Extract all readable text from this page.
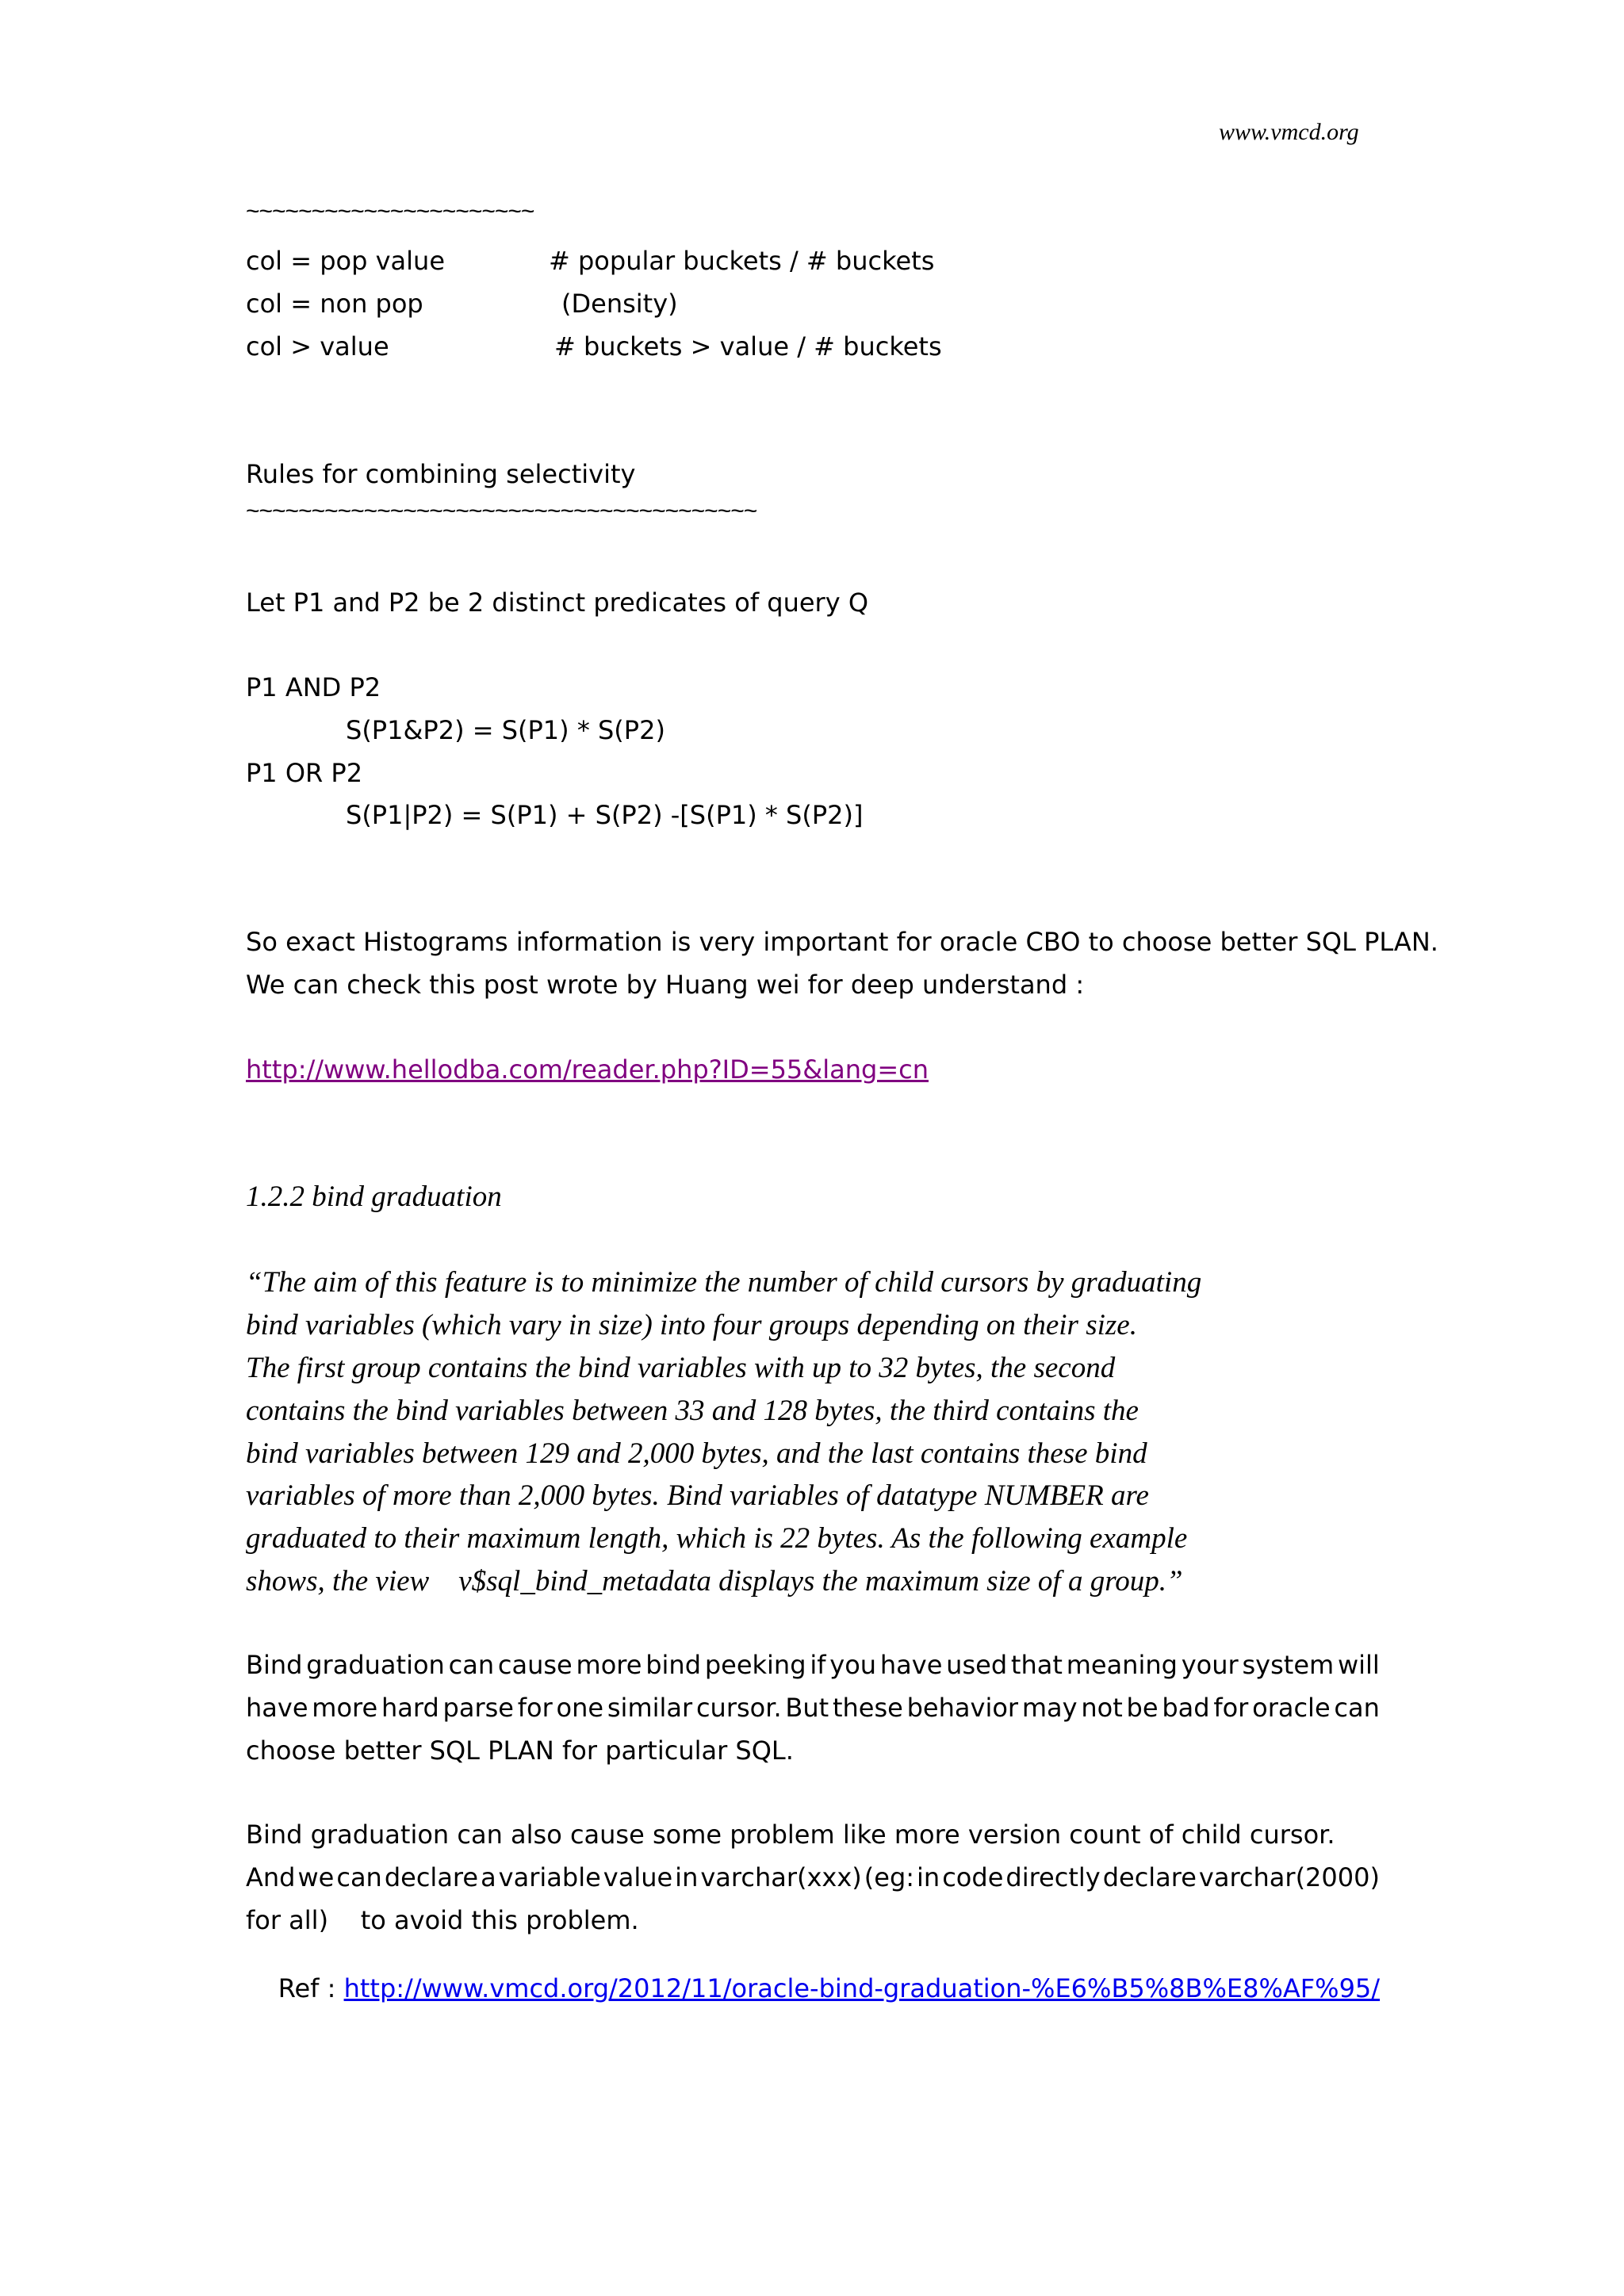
www.vmcd.org
~~~~~~~~~~~~~~~~~~~~~~
col = pop value	# popular buckets / # buckets
col = non pop	(Density)
col > value	# buckets > value / # buckets
Rules for combining selectivity
~~~~~~~~~~~~~~~~~~~~~~~~~~~~~~~~~~~~~~~
Let P1 and P2 be 2 distinct predicates of query Q
P1 AND P2
S(P1&P2) = S(P1) * S(P2)
P1 OR P2
S(P1|P2) = S(P1) + S(P2) -[S(P1) * S(P2)]
So exact Histograms information is very important for oracle CBO to choose better SQL PLAN.
We can check this post wrote by Huang wei for deep understand :
http://www.hellodba.com/reader.php?ID=55&lang=cn
1.2.2 bind graduation
“The aim of this feature is to minimize the number of child cursors by graduating
bind variables (which vary in size) into four groups depending on their size.
The first group contains the bind variables with up to 32 bytes, the second
contains the bind variables between 33 and 128 bytes, the third contains the
bind variables between 129 and 2,000 bytes, and the last contains these bind
variables of more than 2,000 bytes. Bind variables of datatype NUMBER are
graduated to their maximum length, which is 22 bytes. As the following example
shows, the view    v$sql_bind_metadata displays the maximum size of a group.”
Bind graduation can cause more bind peeking if you have used that meaning your system will
have more hard parse for one similar cursor. But these behavior may not be bad for oracle can
choose better SQL PLAN for particular SQL.
Bind graduation can also cause some problem like more version count of child cursor.
And we can declare a variable value in varchar(xxx) (eg: in code directly declare varchar(2000)
for all)    to avoid this problem.

Ref : http://www.vmcd.org/2012/11/oracle-bind-graduation-%E6%B5%8B%E8%AF%95/
